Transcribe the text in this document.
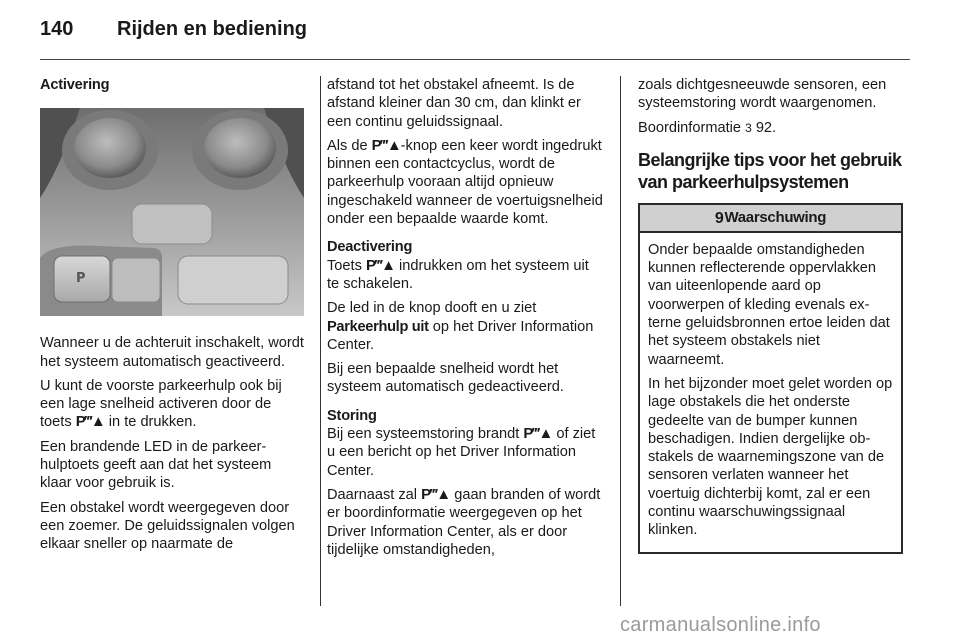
140 Rijden en bediening
Activering
P

Wanneer u de achteruit inschakelt, wordt het systeem automatisch geactiveerd.

U kunt de voorste parkeerhulp ook bij een lage snelheid activeren door de toets P‴▲ in te drukken.

Een brandende LED in de parkeerhulptoets geeft aan dat het systeem klaar voor gebruik is.

Een obstakel wordt weergegeven door een zoemer. De geluidssignalen volgen elkaar sneller op naarmate de

afstand tot het obstakel afneemt. Is de afstand kleiner dan 30 cm, dan klinkt er een continu geluidssignaal.

Als de P‴▲-knop een keer wordt ingedrukt binnen een contactcyclus, wordt de parkeerhulp vooraan altijd opnieuw ingeschakeld wanneer de voertuigsnelheid onder een bepaalde waarde komt.

Deactivering

Toets P‴▲ indrukken om het systeem uit te schakelen.

De led in de knop dooft en u ziet Parkeerhulp uit op het Driver Information Center.

Bij een bepaalde snelheid wordt het systeem automatisch gedeactiveerd.

Storing

Bij een systeemstoring brandt P‴▲ of ziet u een bericht op het Driver Information Center.

Daarnaast zal P‴▲ gaan branden of wordt er boordinformatie weergegeven op het Driver Information Center, als er door tijdelijke omstandigheden,

zoals dichtgesneeuwde sensoren, een systeemstoring wordt waargenomen.

Boordinformatie 3 92.

Belangrijke tips voor het gebruik van parkeerhulpsystemen
9Waarschuwing

Onder bepaalde omstandigheden kunnen reflecterende oppervlakken van uiteenlopende aard op voorwerpen of kleding evenals externe geluidsbronnen ertoe leiden dat het systeem obstakels niet waarneemt.

In het bijzonder moet gelet worden op lage obstakels die het onderste gedeelte van de bumper kunnen beschadigen. Indien dergelijke obstakels de waarnemingszone van de sensoren verlaten wanneer het voertuig dichterbij komt, zal er een continu waarschuwingssignaal klinken.

carmanualsonline.info
